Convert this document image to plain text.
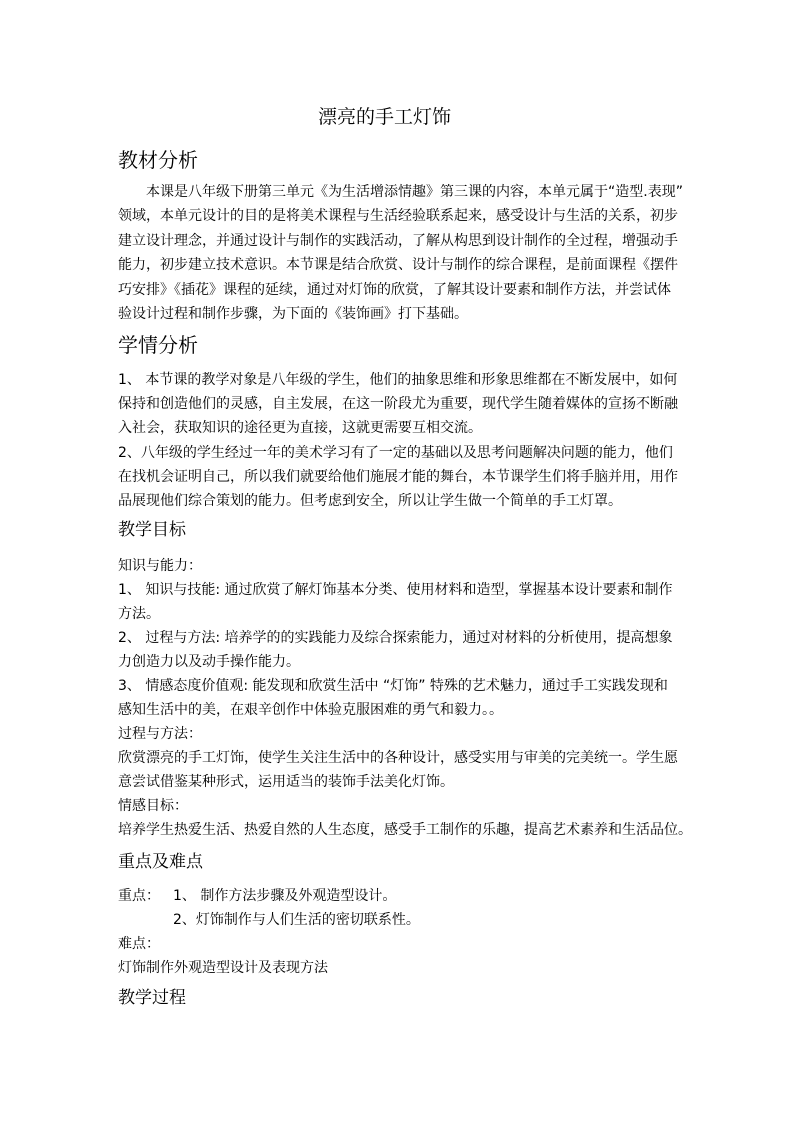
漂亮的手工灯饰
教材分析
本课是八年级下册第三单元《为生活增添情趣》第三课的内容，本单元属于“造型.表现”
领域，本单元设计的目的是将美术课程与生活经验联系起来，感受设计与生活的关系，初步
建立设计理念，并通过设计与制作的实践活动，了解从构思到设计制作的全过程，增强动手
能力，初步建立技术意识。本节课是结合欣赏、设计与制作的综合课程，是前面课程《摆件
巧安排》《插花》课程的延续，通过对灯饰的欣赏，了解其设计要素和制作方法，并尝试体
验设计过程和制作步骤，为下面的《装饰画》打下基础。
学情分析
1、 本节课的教学对象是八年级的学生，他们的抽象思维和形象思维都在不断发展中，如何
保持和创造他们的灵感，自主发展，在这一阶段尤为重要，现代学生随着媒体的宣扬不断融
入社会，获取知识的途径更为直接，这就更需要互相交流。
2、八年级的学生经过一年的美术学习有了一定的基础以及思考问题解决问题的能力，他们
在找机会证明自己，所以我们就要给他们施展才能的舞台，本节课学生们将手脑并用，用作
品展现他们综合策划的能力。但考虑到安全，所以让学生做一个简单的手工灯罩。
教学目标
知识与能力：
1、 知识与技能: 通过欣赏了解灯饰基本分类、使用材料和造型，掌握基本设计要素和制作
方法。
2、 过程与方法: 培养学的的实践能力及综合探索能力，通过对材料的分析使用，提高想象
力创造力以及动手操作能力。
3、 情感态度价值观: 能发现和欣赏生活中 “灯饰” 特殊的艺术魅力，通过手工实践发现和
感知生活中的美，在艰辛创作中体验克服困难的勇气和毅力。。
过程与方法：
欣赏漂亮的手工灯饰，使学生关注生活中的各种设计，感受实用与审美的完美统一。学生愿
意尝试借鉴某种形式，运用适当的装饰手法美化灯饰。
情感目标：
培养学生热爱生活、热爱自然的人生态度，感受手工制作的乐趣，提高艺术素养和生活品位。
重点及难点
重点： 1、 制作方法步骤及外观造型设计。
2、灯饰制作与人们生活的密切联系性。
难点：
灯饰制作外观造型设计及表现方法
教学过程
